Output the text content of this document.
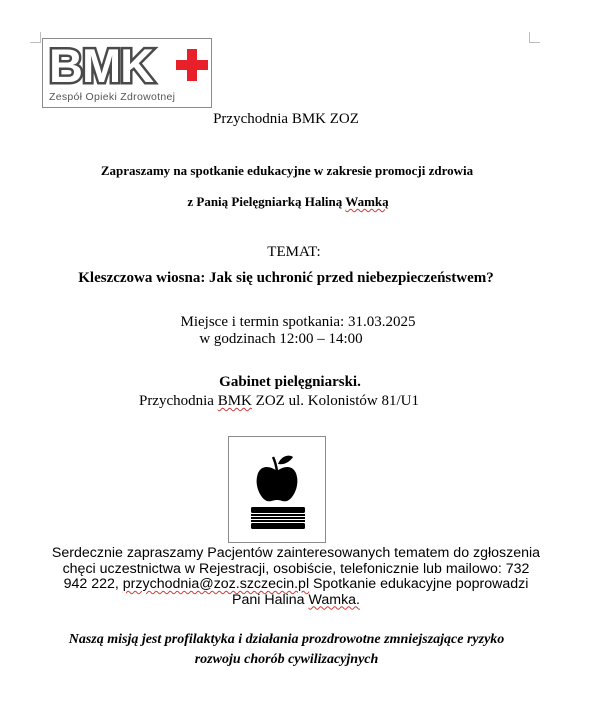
BMK
Zespół Opieki Zdrowotnej
Przychodnia BMK ZOZ
Zapraszamy na spotkanie edukacyjne w zakresie promocji zdrowia
z Panią Pielęgniarką Haliną Wamką
TEMAT:
Kleszczowa wiosna: Jak się uchronić przed niebezpieczeństwem?
Miejsce i termin spotkania: 31.03.2025
w godzinach 12:00 – 14:00
Gabinet pielęgniarski.
Przychodnia BMK ZOZ ul. Kolonistów 81/U1
Serdecznie zapraszamy Pacjentów zainteresowanych tematem do zgłoszenia
chęci uczestnictwa w Rejestracji, osobiście, telefonicznie lub mailowo: 732
942 222, przychodnia@zoz.szczecin.pl Spotkanie edukacyjne poprowadzi
Pani Halina Wamka.
Naszą misją jest profilaktyka i działania prozdrowotne zmniejszające ryzyko
rozwoju chorób cywilizacyjnych
